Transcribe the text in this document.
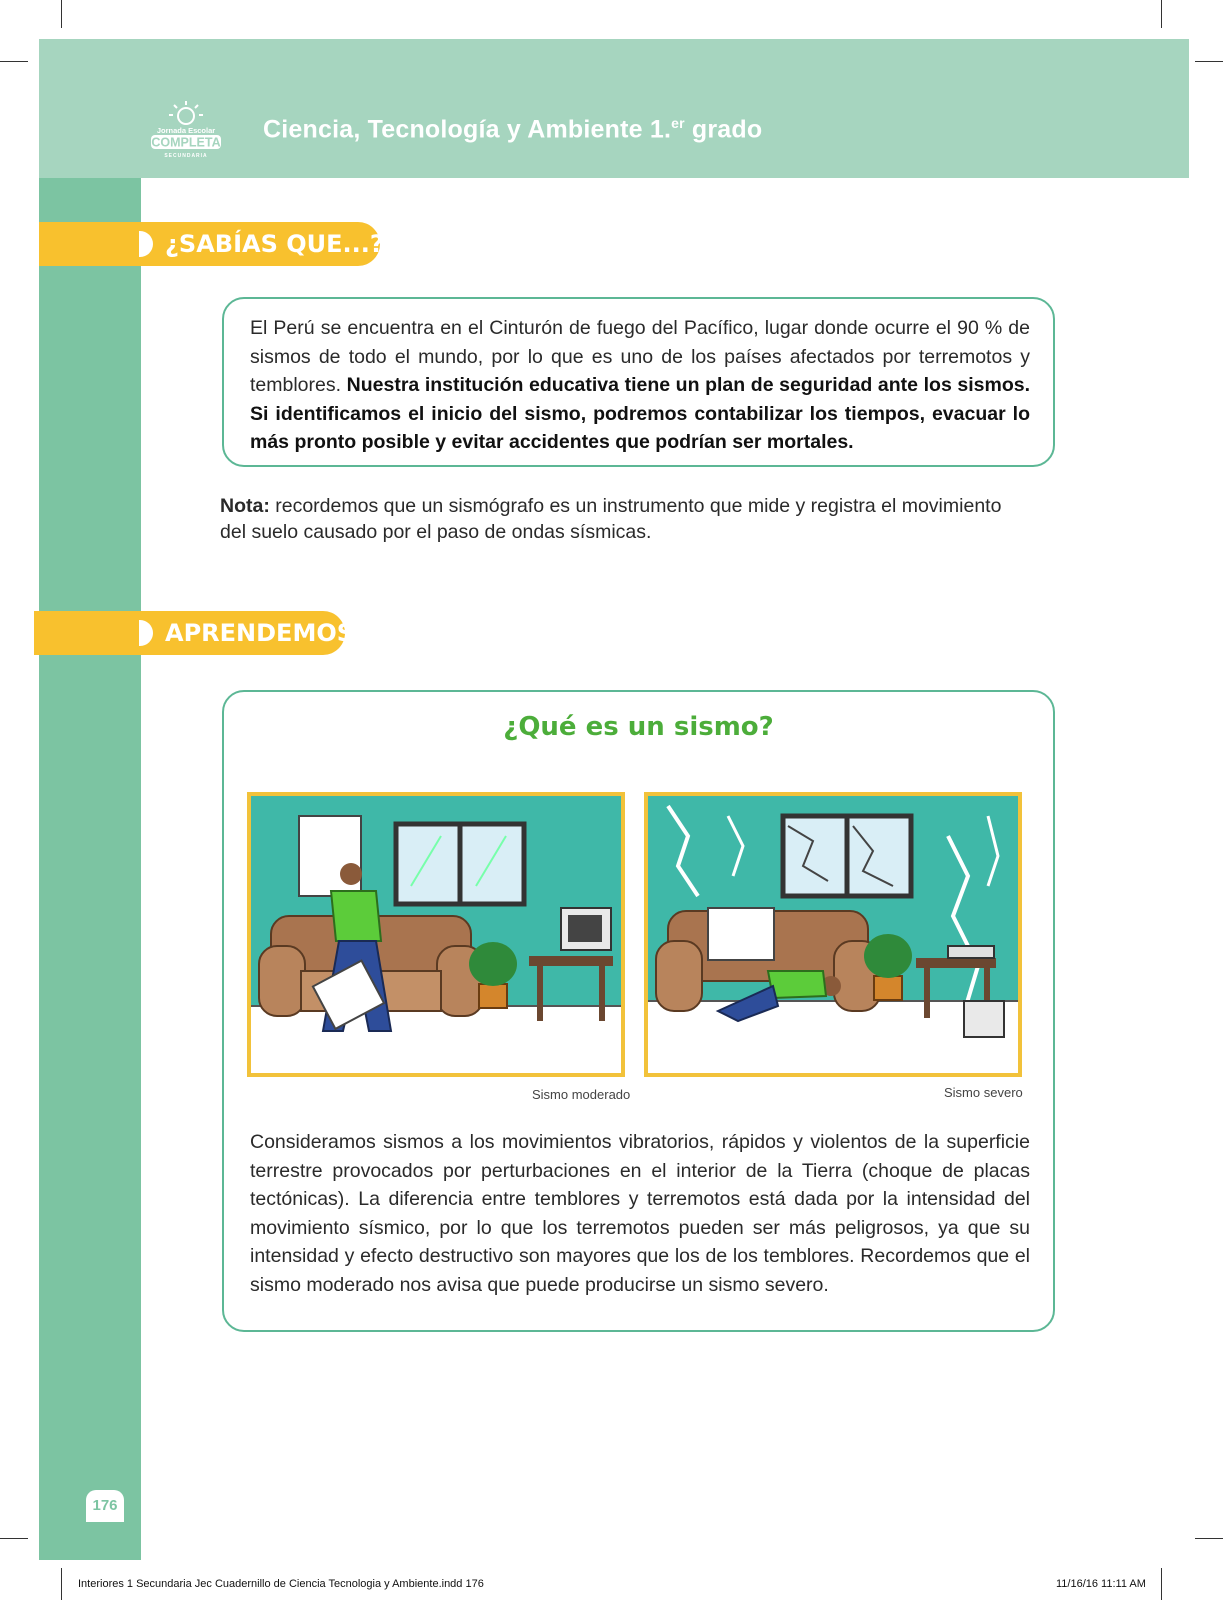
Jornada Escolar
COMPLETA
SECUNDARIA
Ciencia, Tecnología y Ambiente 1.$^{er}$ grado
176
¿SABÍAS QUE...?

El Perú se encuentra en el Cinturón de fuego del Pacífico, lugar donde ocurre el 90 % de sismos de todo el mundo, por lo que es uno de los países afectados por terremotos y temblores. Nuestra institución educativa tiene un plan de seguridad ante los sismos. Si identificamos el inicio del sismo, podremos contabilizar los tiempos, evacuar lo más pronto posible y evitar accidentes que podrían ser mortales.

Nota: recordemos que un sismógrafo es un instrumento que mide y registra el movimiento del suelo causado por el paso de ondas sísmicas.

APRENDEMOS
¿Qué es un sismo?
Sismo moderado	Sismo severo

Consideramos sismos a los movimientos vibratorios, rápidos y violentos de la superficie terrestre provocados por perturbaciones en el interior de la Tierra (choque de placas tectónicas). La diferencia entre temblores y terremotos está dada por la intensidad del movimiento sísmico, por lo que los terremotos pueden ser más peligrosos, ya que su intensidad y efecto destructivo son mayores que los de los temblores. Recordemos que el sismo moderado nos avisa que puede producirse un sismo severo.

Interiores 1 Secundaria Jec Cuadernillo de Ciencia Tecnologia y Ambiente.indd 176	11/16/16 11:11 AM
